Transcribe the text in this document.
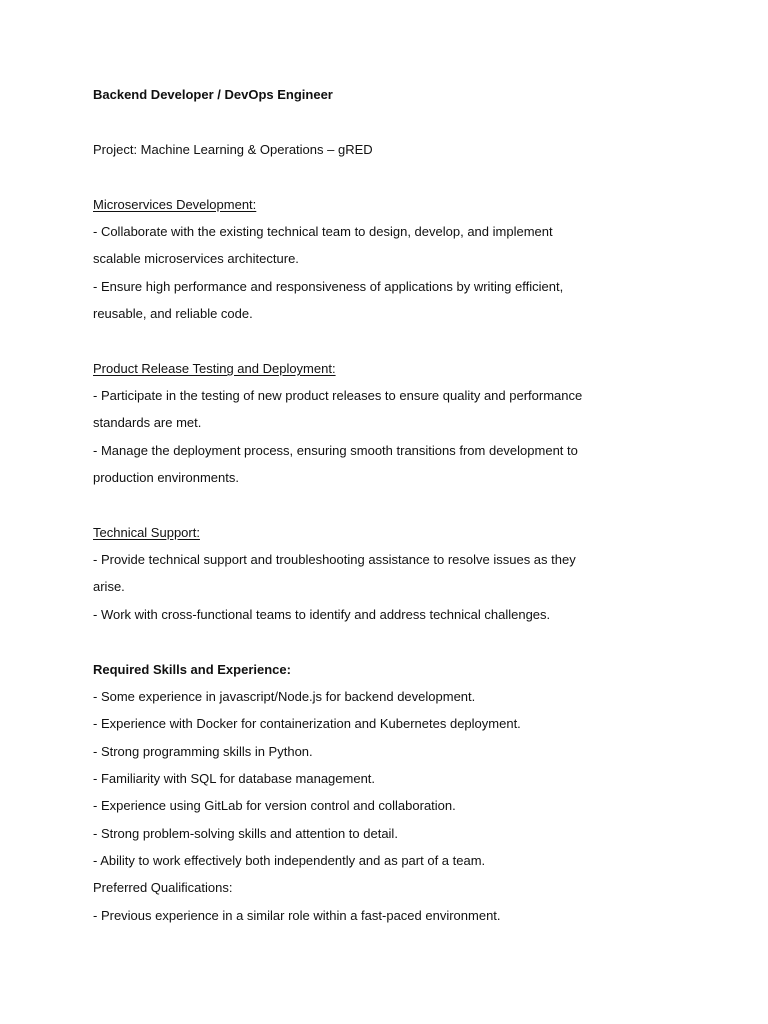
Backend Developer / DevOps Engineer
Project: Machine Learning & Operations – gRED
Microservices Development:
- Collaborate with the existing technical team to design, develop, and implement
scalable microservices architecture.
- Ensure high performance and responsiveness of applications by writing efficient,
reusable, and reliable code.
Product Release Testing and Deployment:
- Participate in the testing of new product releases to ensure quality and performance
standards are met.
- Manage the deployment process, ensuring smooth transitions from development to
production environments.
Technical Support:
- Provide technical support and troubleshooting assistance to resolve issues as they
arise.
- Work with cross-functional teams to identify and address technical challenges.
Required Skills and Experience:
- Some experience in javascript/Node.js for backend development.
- Experience with Docker for containerization and Kubernetes deployment.
- Strong programming skills in Python.
- Familiarity with SQL for database management.
- Experience using GitLab for version control and collaboration.
- Strong problem-solving skills and attention to detail.
- Ability to work effectively both independently and as part of a team.
Preferred Qualifications:
- Previous experience in a similar role within a fast-paced environment.
